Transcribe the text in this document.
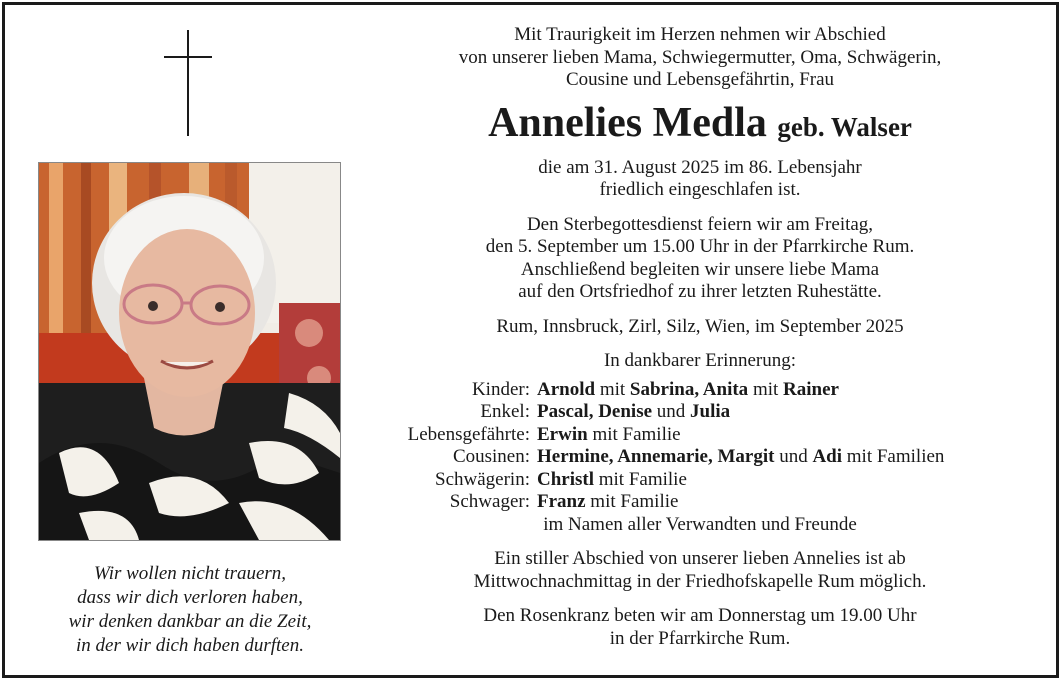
Wir wollen nicht trauern,
dass wir dich verloren haben,
wir denken dankbar an die Zeit,
in der wir dich haben durften.
Mit Traurigkeit im Herzen nehmen wir Abschied
von unserer lieben Mama, Schwiegermutter, Oma, Schwägerin,
Cousine und Lebensgefährtin, Frau
Annelies Medla geb. Walser
die am 31. August 2025 im 86. Lebensjahr
friedlich eingeschlafen ist.
Den Sterbegottesdienst feiern wir am Freitag,
den 5. September um 15.00 Uhr in der Pfarrkirche Rum.
Anschließend begleiten wir unsere liebe Mama
auf den Ortsfriedhof zu ihrer letzten Ruhestätte.
Rum, Innsbruck, Zirl, Silz, Wien, im September 2025
In dankbarer Erinnerung:
Kinder: Arnold mit Sabrina, Anita mit Rainer
Enkel: Pascal, Denise und Julia
Lebensgefährte: Erwin mit Familie
Cousinen: Hermine, Annemarie, Margit und Adi mit Familien
Schwägerin: Christl mit Familie
Schwager: Franz mit Familie
im Namen aller Verwandten und Freunde
Ein stiller Abschied von unserer lieben Annelies ist ab
Mittwochnachmittag in der Friedhofskapelle Rum möglich.
Den Rosenkranz beten wir am Donnerstag um 19.00 Uhr
in der Pfarrkirche Rum.
